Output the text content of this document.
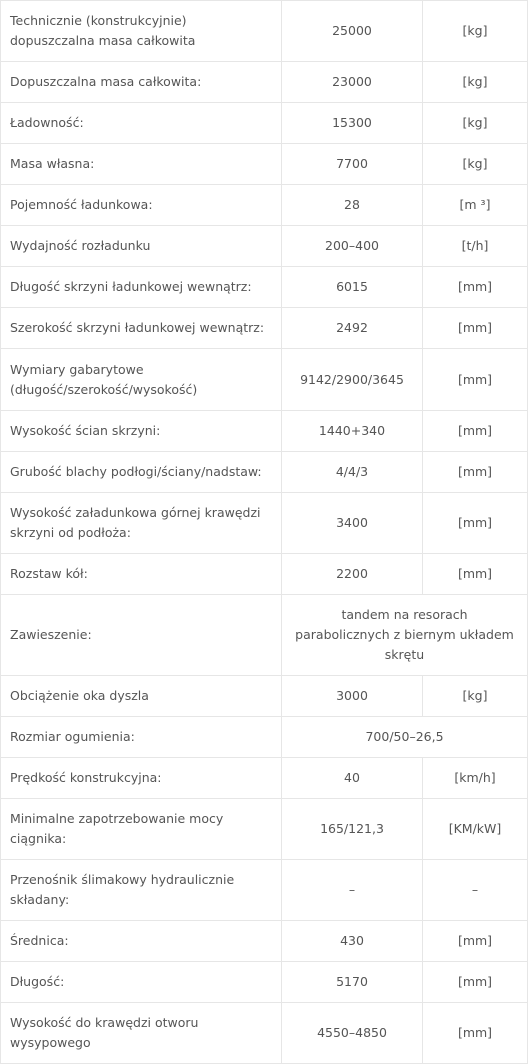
Technicznie (konstrukcyjnie) dopuszczalna masa całkowita	25000	[kg]
Dopuszczalna masa całkowita:	23000	[kg]
Ładowność:	15300	[kg]
Masa własna:	7700	[kg]
Pojemność ładunkowa:	28	[m ³]
Wydajność rozładunku	200–400	[t/h]
Długość skrzyni ładunkowej wewnątrz:	6015	[mm]
Szerokość skrzyni ładunkowej wewnątrz:	2492	[mm]
Wymiary gabarytowe (długość/szerokość/wysokość)	9142/2900/3645	[mm]
Wysokość ścian skrzyni:	1440+340	[mm]
Grubość blachy podłogi/ściany/nadstaw:	4/4/3	[mm]
Wysokość załadunkowa górnej krawędzi skrzyni od podłoża:	3400	[mm]
Rozstaw kół:	2200	[mm]
Zawieszenie:	tandem na resorach parabolicznych z biernym układem skrętu	
Obciążenie oka dyszla	3000	[kg]
Rozmiar ogumienia:	700/50–26,5	
Prędkość konstrukcyjna:	40	[km/h]
Minimalne zapotrzebowanie mocy ciągnika:	165/121,3	[KM/kW]
Przenośnik ślimakowy hydraulicznie składany:	–	–
Średnica:	430	[mm]
Długość:	5170	[mm]
Wysokość do krawędzi otworu wysypowego	4550–4850	[mm]
